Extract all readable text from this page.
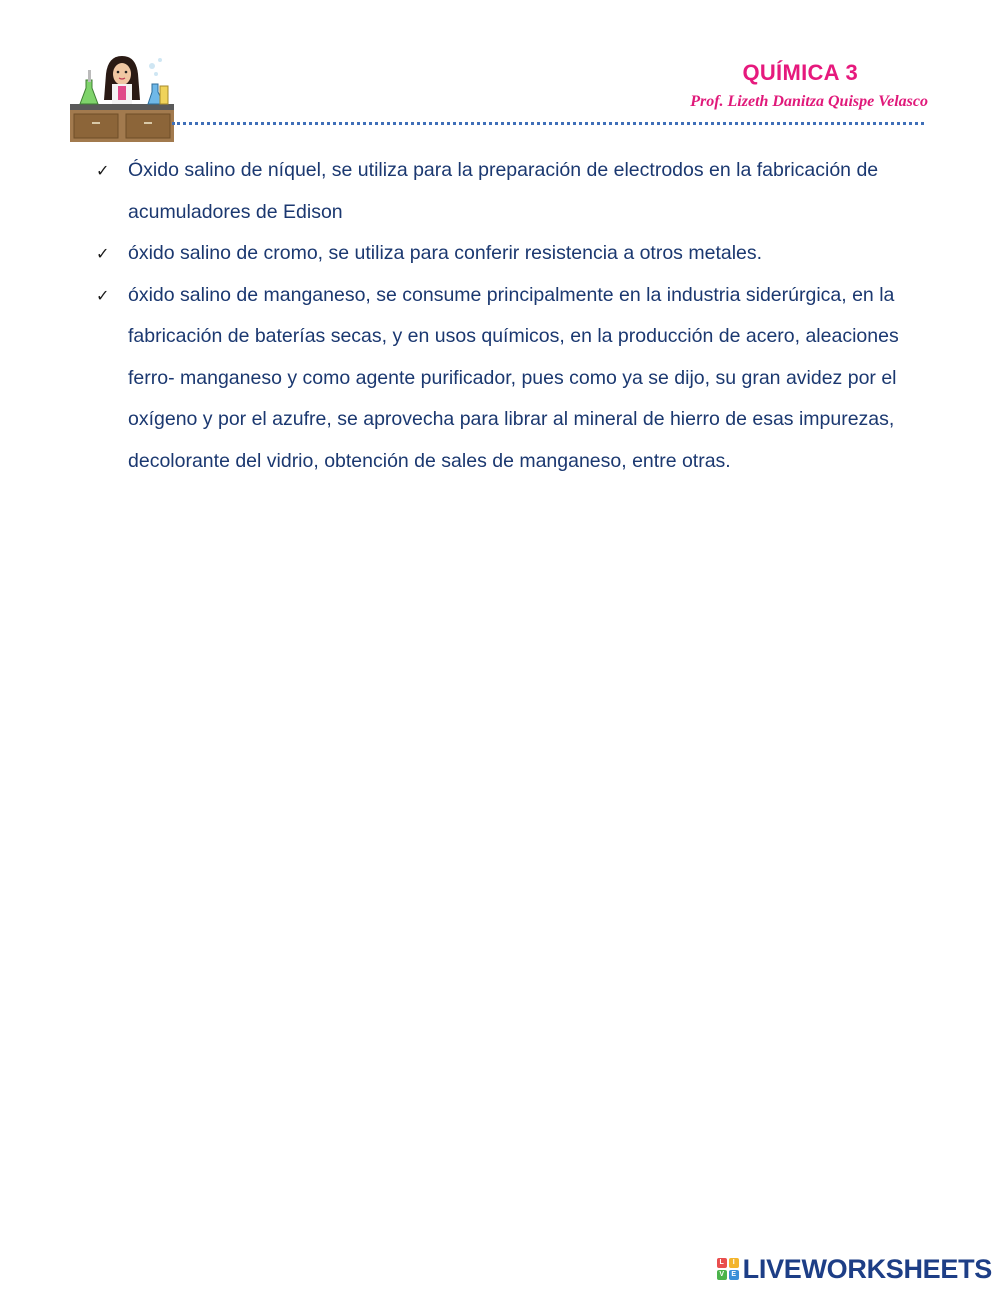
QUÍMICA 3
Prof. Lizeth Danitza Quispe Velasco
✓ Óxido salino de níquel, se utiliza para la preparación de electrodos en la fabricación de acumuladores de Edison
✓ óxido salino de cromo, se utiliza para conferir resistencia a otros metales.
✓ óxido salino de manganeso, se consume principalmente en la industria siderúrgica, en la fabricación de baterías secas, y en usos químicos, en la producción de acero, aleaciones ferro- manganeso y como agente purificador, pues como ya se dijo, su gran avidez por el oxígeno y por el azufre, se aprovecha para librar al mineral de hierro de esas impurezas, decolorante del vidrio, obtención de sales de manganeso, entre otras.
L	I
V	E LIVEWORKSHEETS
